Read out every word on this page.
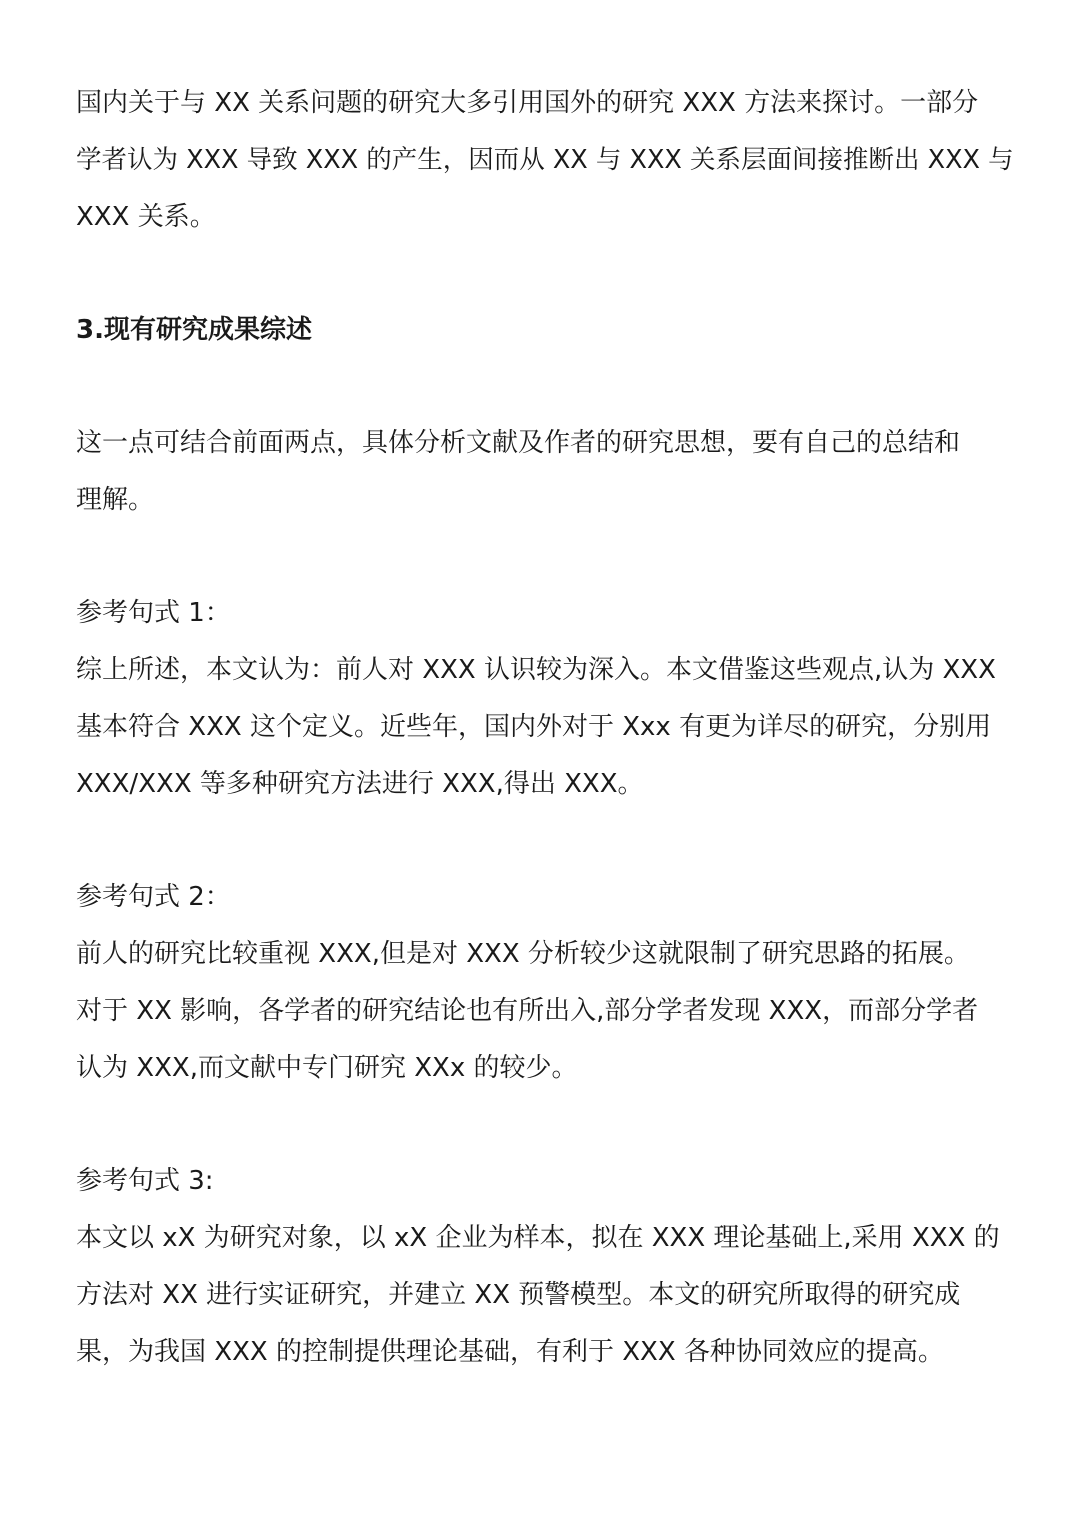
国内关于与 XX 关系问题的研究大多引用国外的研究 XXX 方法来探讨。一部分
学者认为 XXX 导致 XXX 的产生，因而从 XX 与 XXX 关系层面间接推断出 XXX 与
XXX 关系。
3.现有研究成果综述
这一点可结合前面两点，具体分析文献及作者的研究思想，要有自己的总结和
理解。
参考句式 1：
综上所述，本文认为：前人对 XXX 认识较为深入。本文借鉴这些观点,认为 XXX
基本符合 XXX 这个定义。近些年，国内外对于 Xxx 有更为详尽的研究，分别用
XXX/XXX 等多种研究方法进行 XXX,得出 XXX。
参考句式 2：
前人的研究比较重视 XXX,但是对 XXX 分析较少这就限制了研究思路的拓展。
对于 XX 影响，各学者的研究结论也有所出入,部分学者发现 XXX，而部分学者
认为 XXX,而文献中专门研究 XXx 的较少。
参考句式 3:
本文以 xX 为研究对象，以 xX 企业为样本，拟在 XXX 理论基础上,采用 XXX 的
方法对 XX 进行实证研究，并建立 XX 预警模型。本文的研究所取得的研究成
果，为我国 XXX 的控制提供理论基础，有利于 XXX 各种协同效应的提高。
